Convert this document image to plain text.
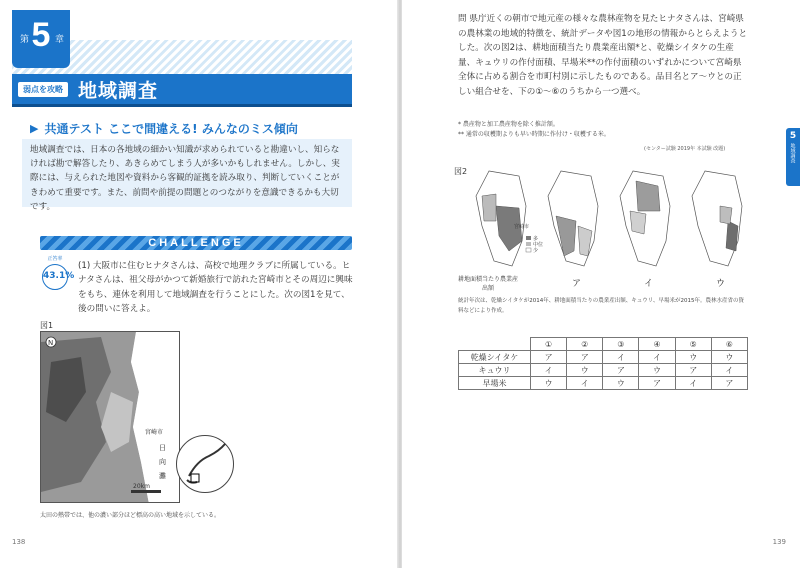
第 5 章
弱点を攻略 地域調査
▶ 共通テスト ここで間違える! みんなのミス傾向
地域調査では、日本の各地域の細かい知識が求められていると勘違いし、知らなければ勘で解答したり、あきらめてしまう人が多いかもしれません。しかし、実際には、与えられた地図や資料から客観的証拠を読み取り、判断していくことがきわめて重要です。また、前問や前提の問題とのつながりを意識できるかも大切です。
CHALLENGE
正答率
43.1%
(1) 大阪市に住むヒナタさんは、高校で地理クラブに所属している。ヒナタさんは、祖父母がかつて新婚旅行で訪れた宮崎市とその周辺に興味をもち、連休を利用して地域調査を行うことにした。次の図1を見て、後の問いに答えよ。
図1
N
20km
宮崎市
日
向
灘
太田の熱帯では、他の濃い部分ほど標高の高い地域を示している。
138
問 県庁近くの朝市で地元産の様々な農林産物を見たヒナタさんは、宮崎県の農林業の地域的特徴を、統計データや図1の地形の情報からとらえようとした。次の図2は、耕地面積当たり農業産出額*と、乾燥シイタケの生産量、キュウリの作付面積、早場米**の作付面積のいずれかについて宮崎県全体に占める割合を市町村別に示したものである。品目名とア～ウとの正しい組合せを、下の①～⑥のうちから一つ選べ。
* 農産物と加工農産物を除く推計額。
** 通常の収穫期よりも早い時期に作付け・収穫する米。
(センター試験 2019年 本試験 改題)
図2
多
中位
少
宮崎市
耕地面積当たり農業産出額	ア	イ	ウ
統計年次は、乾燥シイタケが2014年、耕地面積当たりの農業産出額、キュウリ、早場米が2015年。農林水産省の資料などにより作成。
	①	②	③	④	⑤	⑥
乾燥シイタケ	ア	ア	イ	イ	ウ	ウ
キュウリ	イ	ウ	ア	ウ	ア	イ
早場米	ウ	イ	ウ	ア	イ	ア
5
地域調査
139
